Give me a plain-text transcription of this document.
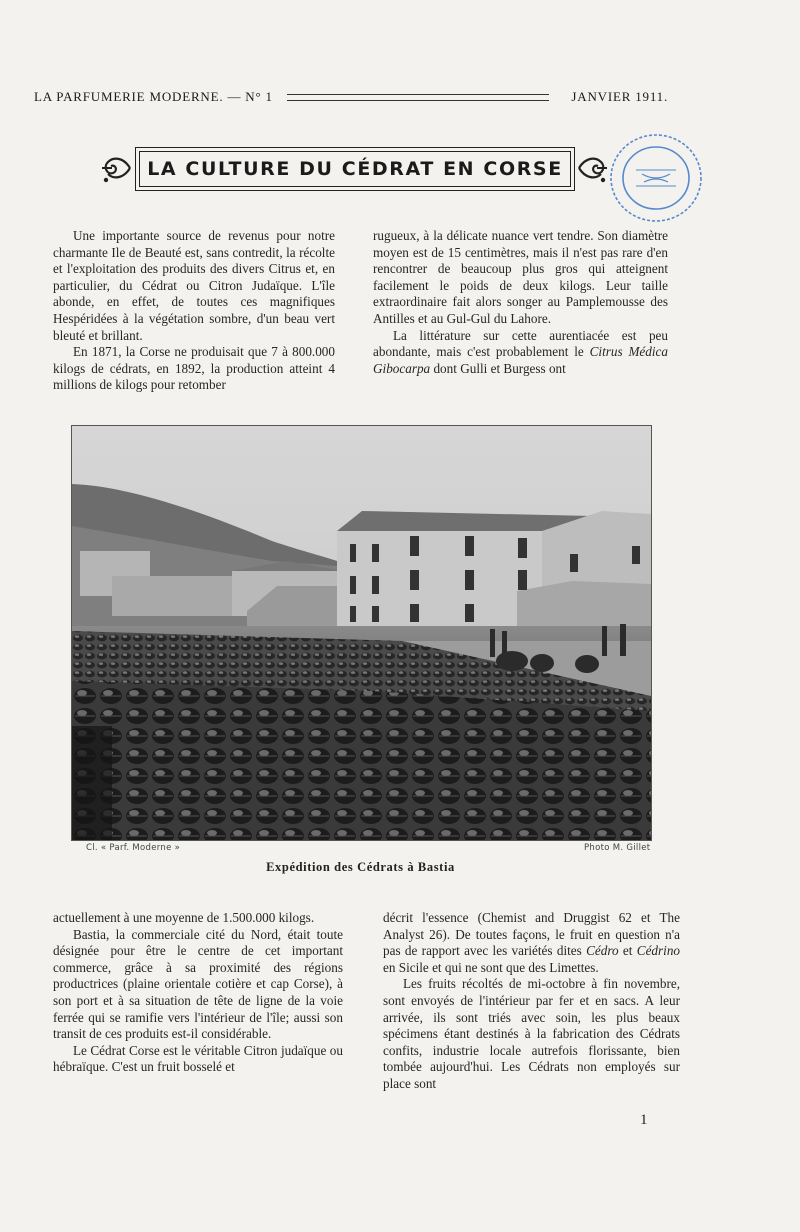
LA PARFUMERIE MODERNE. — N° 1	JANVIER 1911.
LA CULTURE DU CÉDRAT EN CORSE

Une importante source de revenus pour notre charmante Ile de Beauté est, sans contredit, la récolte et l'exploitation des produits des divers Citrus et, en particulier, du Cédrat ou Citron Judaïque. L'île abonde, en effet, de toutes ces magnifiques Hespéridées à la végétation sombre, d'un beau vert bleuté et brillant.

En 1871, la Corse ne produisait que 7 à 800.000 kilogs de cédrats, en 1892, la production atteint 4 millions de kilogs pour retomber

rugueux, à la délicate nuance vert tendre. Son diamètre moyen est de 15 centimètres, mais il n'est pas rare d'en rencontrer de beaucoup plus gros qui atteignent facilement le poids de deux kilogs. Leur taille extraordinaire fait alors songer au Pamplemousse des Antilles et au Gul-Gul du Lahore.

La littérature sur cette aurentiacée est peu abondante, mais c'est probablement le Citrus Médica Gibocarpa dont Gulli et Burgess ont

Cl. « Parf. Moderne »	Photo M. Gillet
Expédition des Cédrats à Bastia

actuellement à une moyenne de 1.500.000 kilogs.

Bastia, la commerciale cité du Nord, était toute désignée pour être le centre de cet important commerce, grâce à sa proximité des régions productrices (plaine orientale cotière et cap Corse), à son port et à sa situation de tête de ligne de la voie ferrée qui se ramifie vers l'intérieur de l'île; aussi son transit de ces produits est-il considérable.

Le Cédrat Corse est le véritable Citron judaïque ou hébraïque. C'est un fruit bosselé et

décrit l'essence (Chemist and Druggist 62 et The Analyst 26). De toutes façons, le fruit en question n'a pas de rapport avec les variétés dites Cédro et Cédrino en Sicile et qui ne sont que des Limettes.

Les fruits récoltés de mi-octobre à fin novembre, sont envoyés de l'intérieur par fer et en sacs. A leur arrivée, ils sont triés avec soin, les plus beaux spécimens étant destinés à la fabrication des Cédrats confits, industrie locale autrefois florissante, bien tombée aujourd'hui. Les Cédrats non employés sur place sont

1
